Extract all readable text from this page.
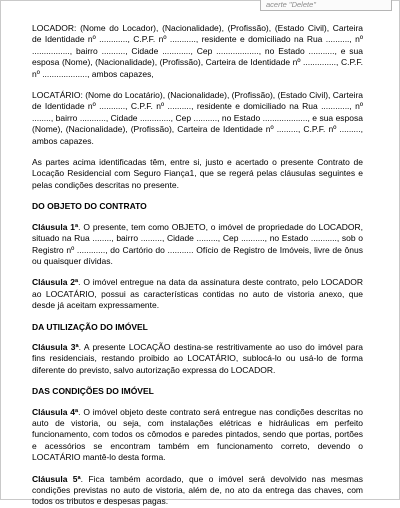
acerte "Delete"

LOCADOR: (Nome do Locador), (Nacionalidade), (Profissão), (Estado Civil), Carteira de Identidade nº ............, C.P.F. nº ..........., residente e domiciliado na Rua .........., nº ................, bairro .........., Cidade ............, Cep .................., no Estado ..........., e sua esposa (Nome), (Nacionalidade), (Profissão), Carteira de Identidade nº .............., C.P.F. nº ..................., ambos capazes,

LOCATÁRIO: (Nome do Locatário), (Nacionalidade), (Profissão), (Estado Civil), Carteira de Identidade nº ..........., C.P.F. nº .........., residente e domiciliado na Rua ............, nº ........, bairro ..........., Cidade ............., Cep .........., no Estado ..................., e sua esposa (Nome), (Nacionalidade), (Profissão), Carteira de Identidade nº ........., C.P.F. nº ........., ambos capazes.

As partes acima identificadas têm, entre si, justo e acertado o presente Contrato de Locação Residencial com Seguro Fiança1, que se regerá pelas cláusulas seguintes e pelas condições descritas no presente.

DO OBJETO DO CONTRATO

Cláusula 1ª. O presente, tem como OBJETO, o imóvel de propriedade do LOCADOR, situado na Rua ........, bairro ........., Cidade ........., Cep .........., no Estado ..........., sob o Registro nº ............, do Cartório do ........... Ofício de Registro de Imóveis, livre de ônus ou quaisquer dívidas.

Cláusula 2ª. O imóvel entregue na data da assinatura deste contrato, pelo LOCADOR ao LOCATÁRIO, possui as características contidas no auto de vistoria anexo, que desde já aceitam expressamente.

DA UTILIZAÇÃO DO IMÓVEL

Cláusula 3ª. A presente LOCAÇÃO destina-se restritivamente ao uso do imóvel para fins residenciais, restando proibido ao LOCATÁRIO, sublocá-lo ou usá-lo de forma diferente do previsto, salvo autorização expressa do LOCADOR.

DAS CONDIÇÕES DO IMÓVEL

Cláusula 4ª. O imóvel objeto deste contrato será entregue nas condições descritas no auto de vistoria, ou seja, com instalações elétricas e hidráulicas em perfeito funcionamento, com todos os cômodos e paredes pintados, sendo que portas, portões e acessórios se encontram também em funcionamento correto, devendo o LOCATÁRIO mantê-lo desta forma.

Cláusula 5ª. Fica também acordado, que o imóvel será devolvido nas mesmas condições previstas no auto de vistoria, além de, no ato da entrega das chaves, com todos os tributos e despesas pagas.
